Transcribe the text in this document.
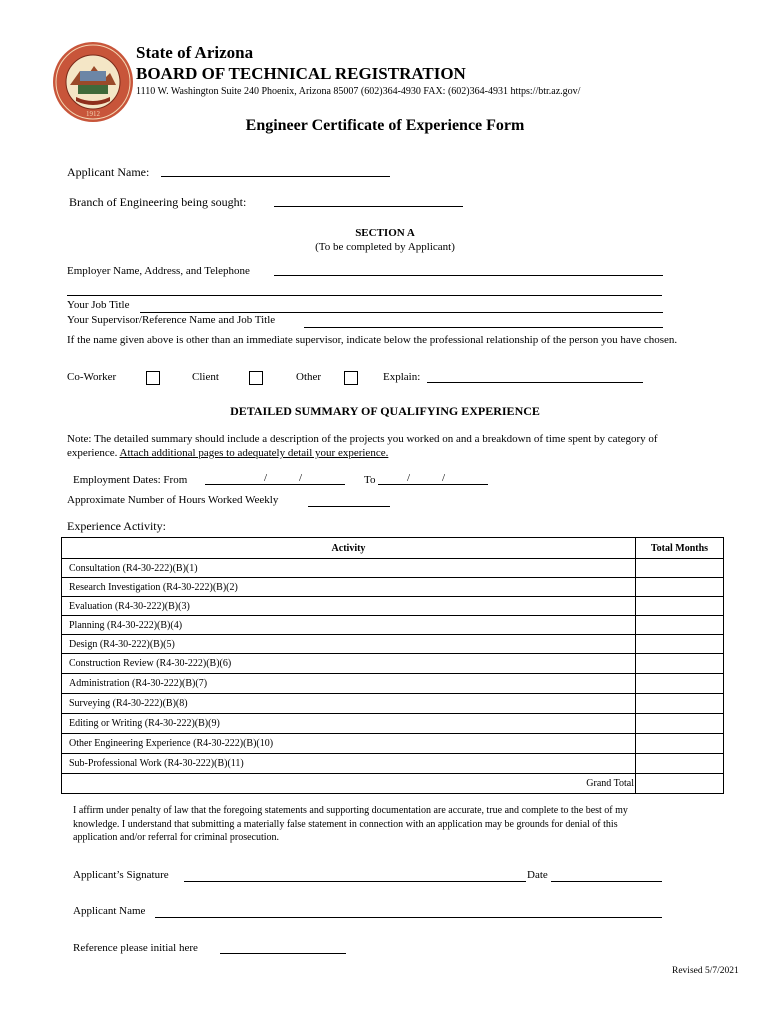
1912
State of Arizona
BOARD OF TECHNICAL REGISTRATION
1110 W. Washington Suite 240 Phoenix, Arizona 85007 (602)364-4930 FAX: (602)364-4931 https://btr.az.gov/
Engineer Certificate of Experience Form
Applicant Name:
Branch of Engineering being sought:
SECTION A
(To be completed by Applicant)
Employer Name, Address, and Telephone
Your Job Title
Your Supervisor/Reference Name and Job Title
If the name given above is other than an immediate supervisor, indicate below the professional relationship of the person you have chosen.
Co-Worker	Client	Other	Explain:
DETAILED SUMMARY OF QUALIFYING EXPERIENCE
Note: The detailed summary should include a description of the projects you worked on and a breakdown of time spent by category of experience. Attach additional pages to adequately detail your experience.
Employment Dates: From	/	/	To	/	/
Approximate Number of Hours Worked Weekly
Experience Activity:
Activity	Total Months
Consultation (R4-30-222)(B)(1)	
Research Investigation (R4-30-222)(B)(2)	
Evaluation (R4-30-222)(B)(3)	
Planning (R4-30-222)(B)(4)	
Design (R4-30-222)(B)(5)	
Construction Review (R4-30-222)(B)(6)	
Administration (R4-30-222)(B)(7)	
Surveying (R4-30-222)(B)(8)	
Editing or Writing (R4-30-222)(B)(9)	
Other Engineering Experience (R4-30-222)(B)(10)	
Sub-Professional Work (R4-30-222)(B)(11)	
Grand Total	
I affirm under penalty of law that the foregoing statements and supporting documentation are accurate, true and complete to the best of my knowledge. I understand that submitting a materially false statement in connection with an application may be grounds for denial of this application and/or referral for criminal prosecution.
Applicant’s Signature	Date
Applicant Name
Reference please initial here
Revised 5/7/2021
